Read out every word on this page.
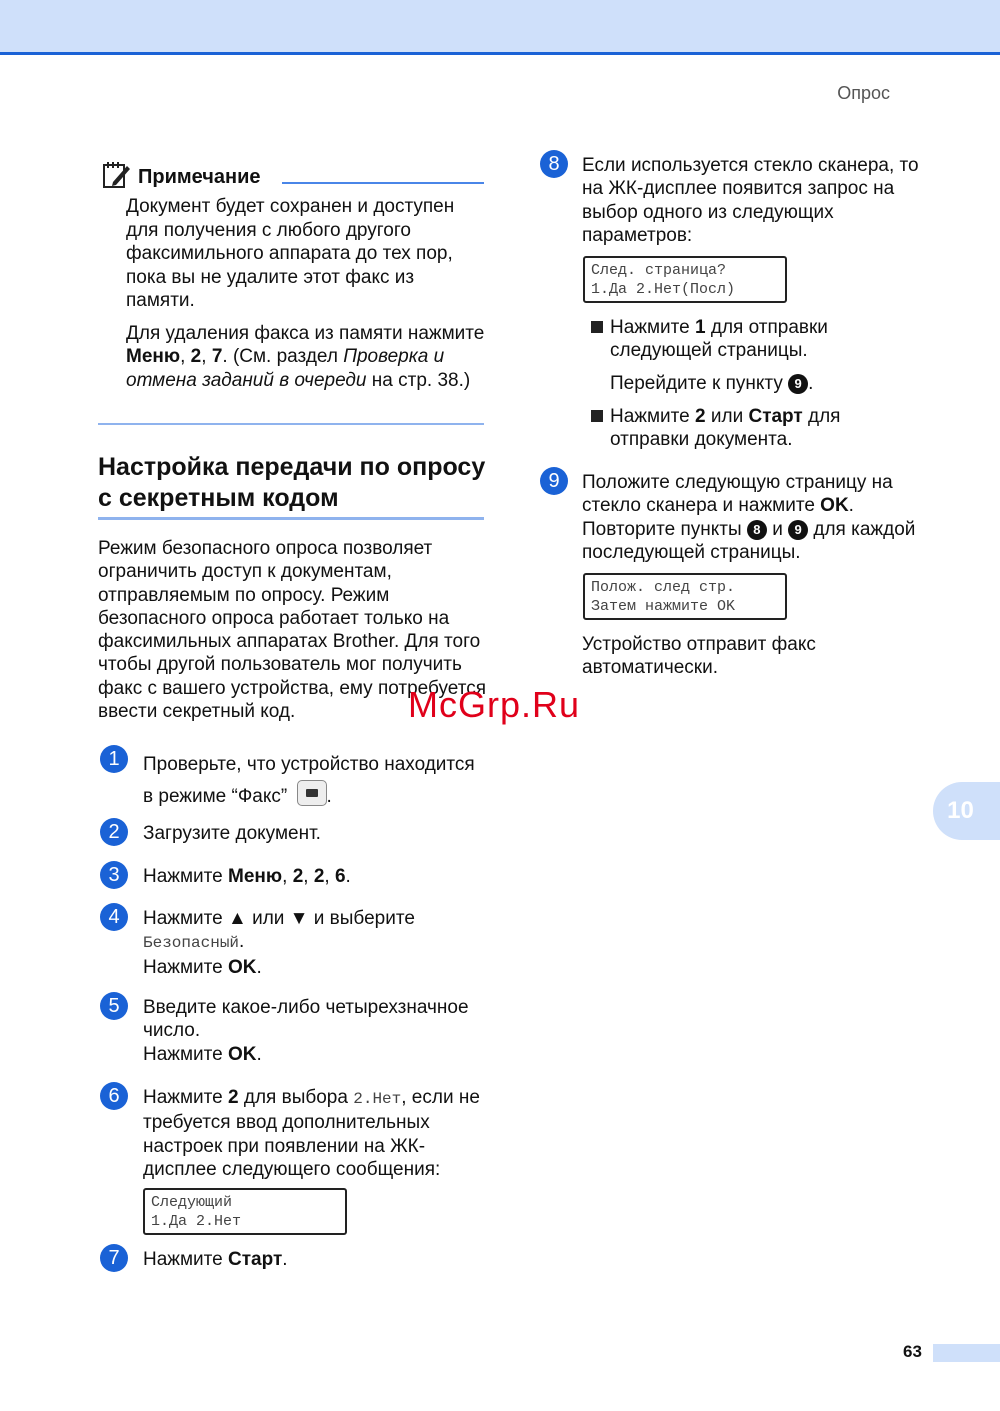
Опрос
Примечание

Документ будет сохранен и доступен для получения с любого другого факсимильного аппарата до тех пор, пока вы не удалите этот факс из памяти.

Для удаления факса из памяти нажмите Меню, 2, 7. (См. раздел Проверка и отмена заданий в очереди на стр. 38.)

Настройка передачи по опросу с секретным кодом
Режим безопасного опроса позволяет ограничить доступ к документам, отправляемым по опросу. Режим безопасного опроса работает только на факсимильных аппаратах Brother. Для того чтобы другой пользователь мог получить факс с вашего устройства, ему потребуется ввести секретный код.
1	Проверьте, что устройство находится в режиме “Факс” .
2	Загрузите документ.
3	Нажмите Меню, 2, 2, 6.
4	Нажмите ▲ или ▼ и выберите
Безопасный.
Нажмите OK.
5	Введите какое-либо четырехзначное число.
Нажмите OK.
6	Нажмите 2 для выбора 2.Нет, если не требуется ввод дополнительных настроек при появлении на ЖК-дисплее следующего сообщения:
Следующий
1.Да 2.Нет
7	Нажмите Старт.
8	Если используется стекло сканера, то на ЖК-дисплее появится запрос на выбор одного из следующих параметров:
След. страница?
1.Да 2.Нет(Посл)
Нажмите 1 для отправки следующей страницы.
Перейдите к пункту 9 .
Нажмите 2 или Старт для отправки документа.
9	Положите следующую страницу на стекло сканера и нажмите OK.
Повторите пункты 8 и 9 для каждой последующей страницы.
Полож. след стр.
Затем нажмите OK
Устройство отправит факс автоматически.
10
63
McGrp.Ru
